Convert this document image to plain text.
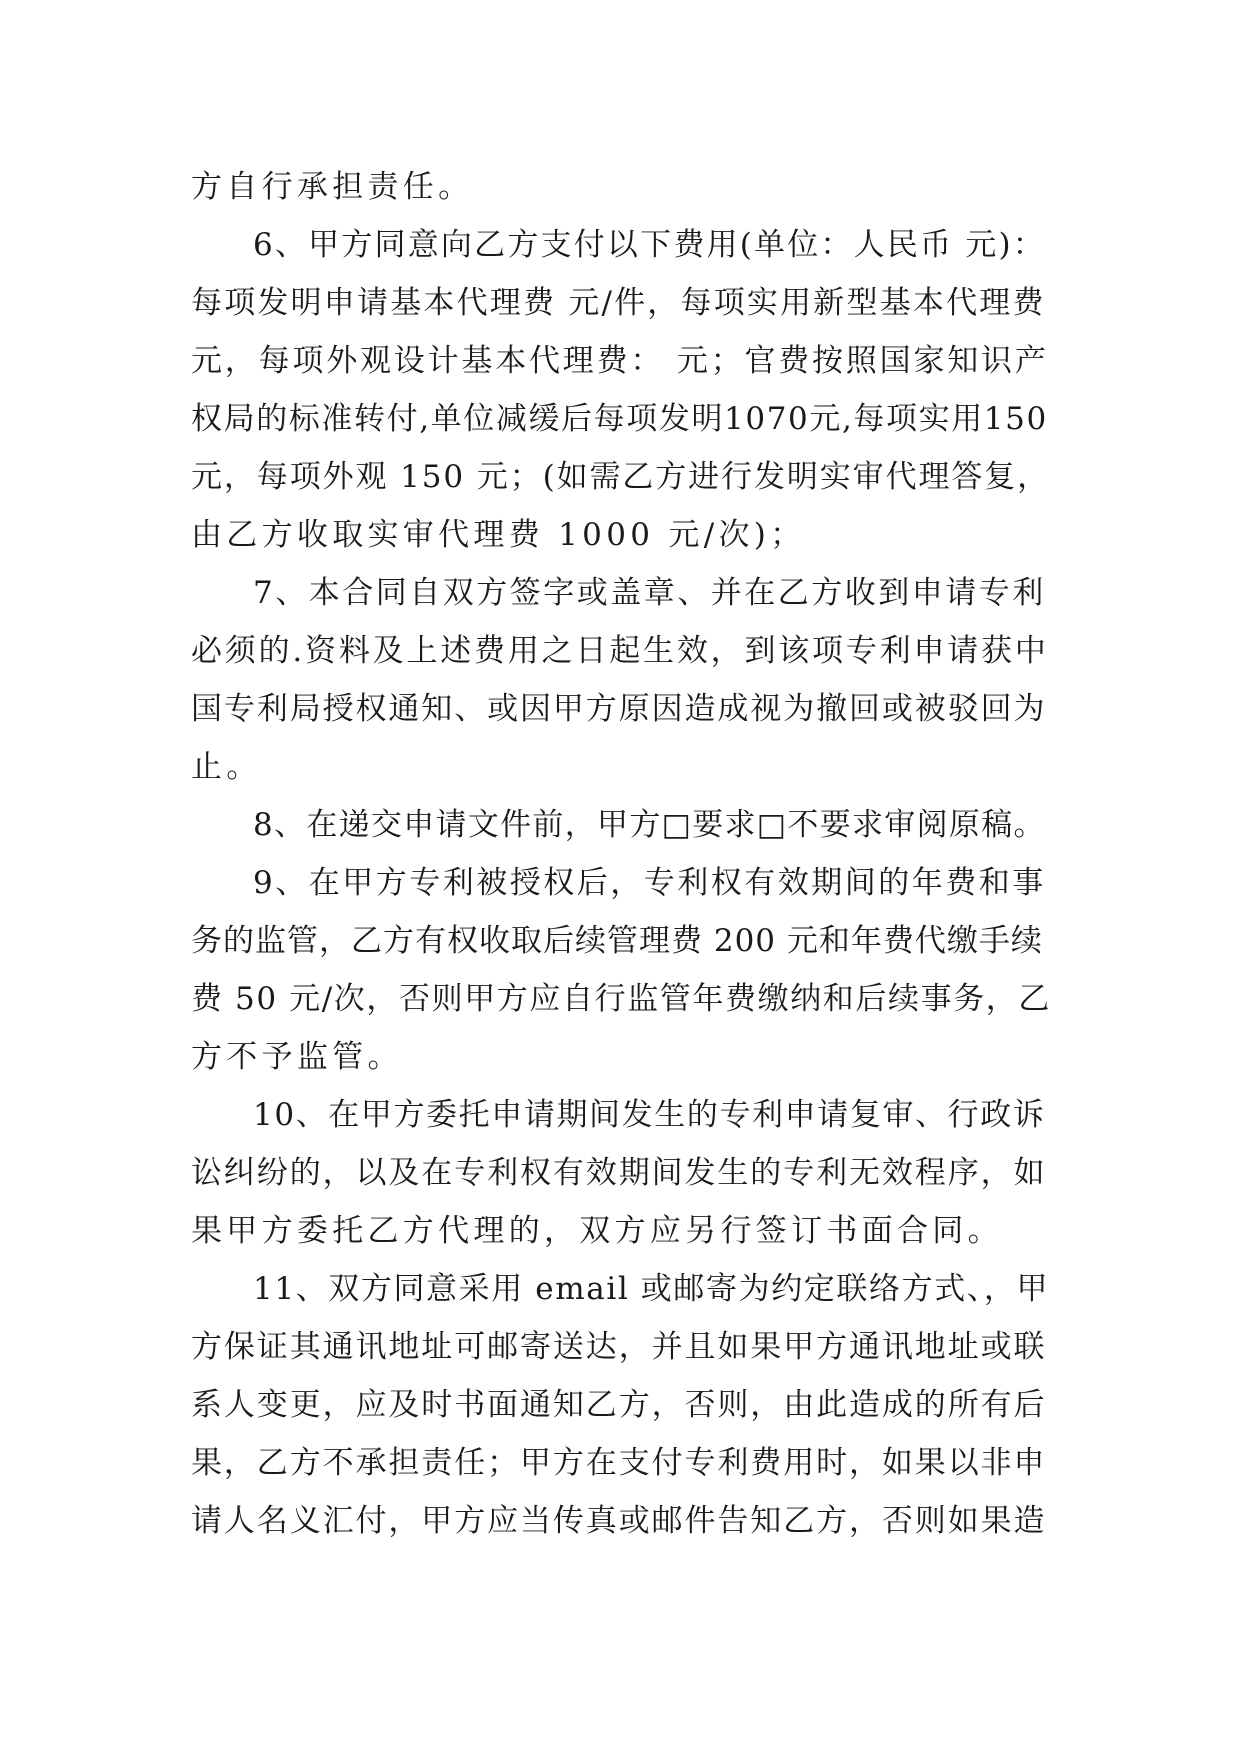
方自行承担责任。
6、甲方同意向乙方支付以下费用(单位：人民币 元)：
每项发明申请基本代理费 元/件，每项实用新型基本代理费
元，每项外观设计基本代理费： 元；官费按照国家知识产
权局的标准转付,单位减缓后每项发明1070元,每项实用150
元，每项外观 150 元；(如需乙方进行发明实审代理答复，
由乙方收取实审代理费 1000 元/次)；
7、本合同自双方签字或盖章、并在乙方收到申请专利
必须的.资料及上述费用之日起生效，到该项专利申请获中
国专利局授权通知、或因甲方原因造成视为撤回或被驳回为
止。
8、在递交申请文件前，甲方□要求□不要求审阅原稿。
9、在甲方专利被授权后，专利权有效期间的年费和事
务的监管，乙方有权收取后续管理费 200 元和年费代缴手续
费 50 元/次，否则甲方应自行监管年费缴纳和后续事务，乙
方不予监管。
10、在甲方委托申请期间发生的专利申请复审、行政诉
讼纠纷的，以及在专利权有效期间发生的专利无效程序，如
果甲方委托乙方代理的，双方应另行签订书面合同。
11、双方同意采用 email 或邮寄为约定联络方式、，甲
方保证其通讯地址可邮寄送达，并且如果甲方通讯地址或联
系人变更，应及时书面通知乙方，否则，由此造成的所有后
果，乙方不承担责任；甲方在支付专利费用时，如果以非申
请人名义汇付，甲方应当传真或邮件告知乙方，否则如果造
